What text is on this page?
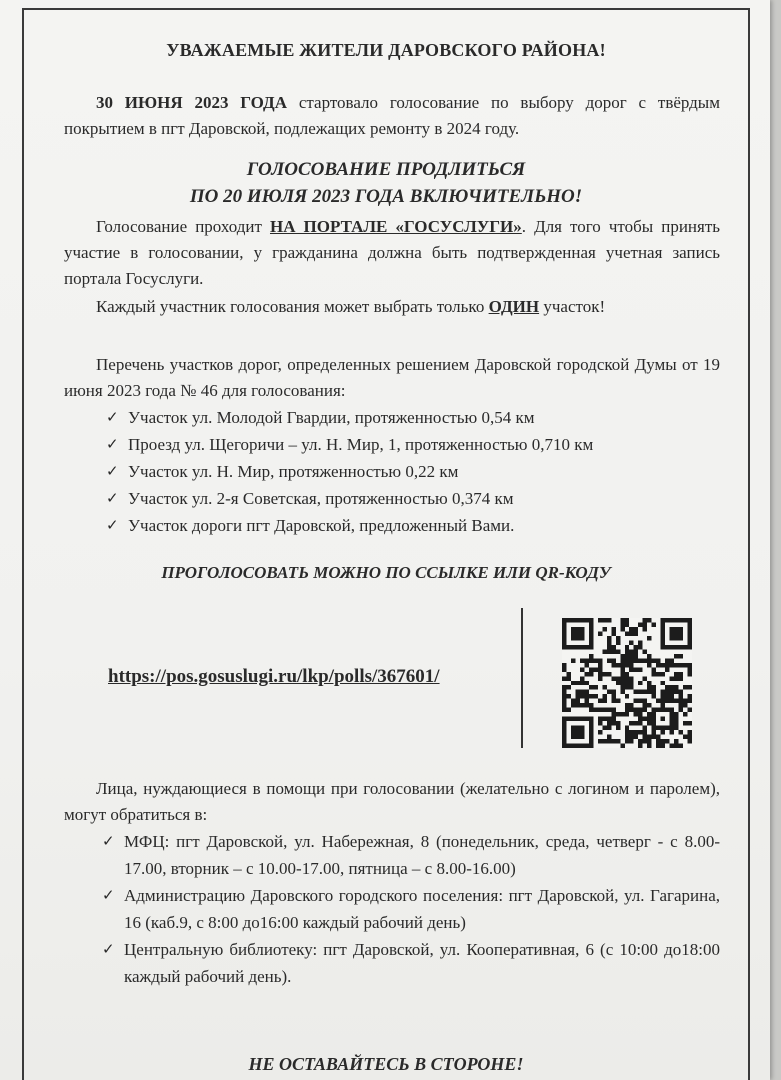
УВАЖАЕМЫЕ ЖИТЕЛИ ДАРОВСКОГО РАЙОНА!

30 ИЮНЯ 2023 ГОДА стартовало голосование по выбору дорог с твёрдым покрытием в пгт Даровской, подлежащих ремонту в 2024 году.

ГОЛОСОВАНИЕ ПРОДЛИТЬСЯ
ПО 20 ИЮЛЯ 2023 ГОДА ВКЛЮЧИТЕЛЬНО!

Голосование проходит НА ПОРТАЛЕ «ГОСУСЛУГИ». Для того чтобы принять участие в голосовании, у гражданина должна быть подтвержденная учетная запись портала Госуслуги.

Каждый участник голосования может выбрать только ОДИН участок!

Перечень участков дорог, определенных решением Даровской городской Думы от 19 июня 2023 года № 46 для голосования:

✓ Участок ул. Молодой Гвардии, протяженностью 0,54 км
✓ Проезд ул. Щегоричи – ул. Н. Мир, 1, протяженностью 0,710 км
✓ Участок ул. Н. Мир, протяженностью 0,22 км
✓ Участок ул. 2-я Советская, протяженностью 0,374 км
✓ Участок дороги пгт Даровской, предложенный Вами.
ПРОГОЛОСОВАТЬ МОЖНО ПО ССЫЛКЕ ИЛИ QR-КОДУ
https://pos.gosuslugi.ru/lkp/polls/367601/

Лица, нуждающиеся в помощи при голосовании (желательно с логином и паролем), могут обратиться в:

✓ МФЦ: пгт Даровской, ул. Набережная, 8 (понедельник, среда, четверг - с 8.00-17.00, вторник – с 10.00-17.00, пятница – с 8.00-16.00)
✓ Администрацию Даровского городского поселения: пгт Даровской, ул. Гагарина, 16 (каб.9, с 8:00 до16:00 каждый рабочий день)
✓ Центральную библиотеку: пгт Даровской, ул. Кооперативная, 6 (с 10:00 до18:00 каждый рабочий день).
НЕ ОСТАВАЙТЕСЬ В СТОРОНЕ!
